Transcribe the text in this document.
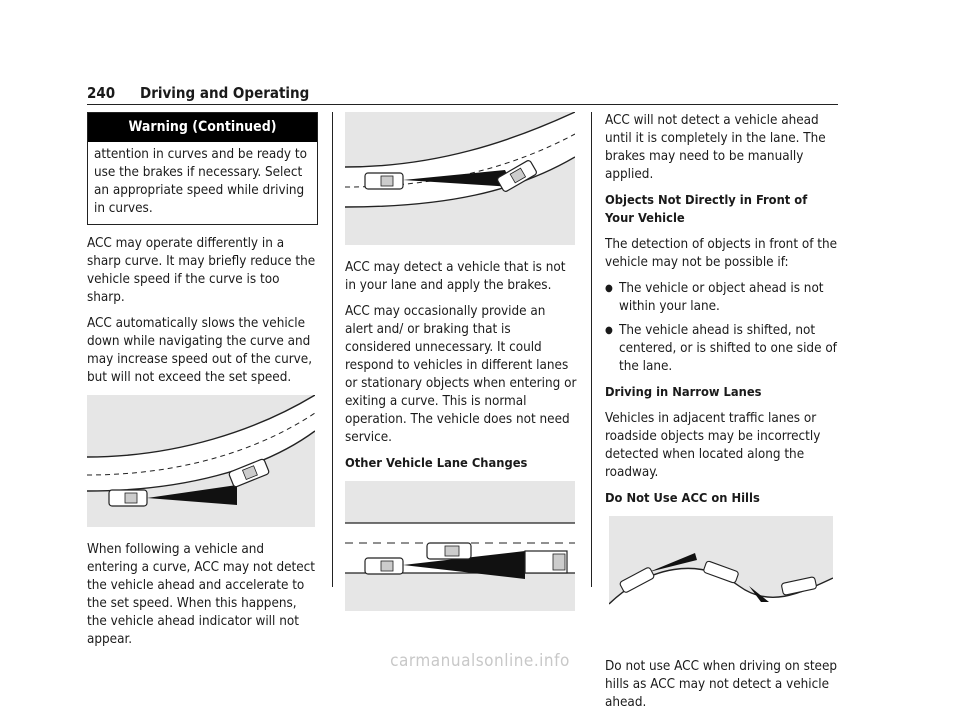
240 Driving and Operating
Warning (Continued)
attention in curves and be ready to use the brakes if necessary. Select an appropriate speed while driving in curves.

ACC may operate differently in a sharp curve. It may briefly reduce the vehicle speed if the curve is too sharp.

ACC automatically slows the vehicle down while navigating the curve and may increase speed out of the curve, but will not exceed the set speed.

When following a vehicle and entering a curve, ACC may not detect the vehicle ahead and accelerate to the set speed. When this happens, the vehicle ahead indicator will not appear.

ACC may detect a vehicle that is not in your lane and apply the brakes.

ACC may occasionally provide an alert and/ or braking that is considered unnecessary. It could respond to vehicles in different lanes or stationary objects when entering or exiting a curve. This is normal operation. The vehicle does not need service.

Other Vehicle Lane Changes

ACC will not detect a vehicle ahead until it is completely in the lane. The brakes may need to be manually applied.

Objects Not Directly in Front of Your Vehicle

The detection of objects in front of the vehicle may not be possible if:

● The vehicle or object ahead is not within your lane.
● The vehicle ahead is shifted, not centered, or is shifted to one side of the lane.
Driving in Narrow Lanes

Vehicles in adjacent traffic lanes or roadside objects may be incorrectly detected when located along the roadway.

Do Not Use ACC on Hills

Do not use ACC when driving on steep hills as ACC may not detect a vehicle ahead.

carmanualsonline.info
